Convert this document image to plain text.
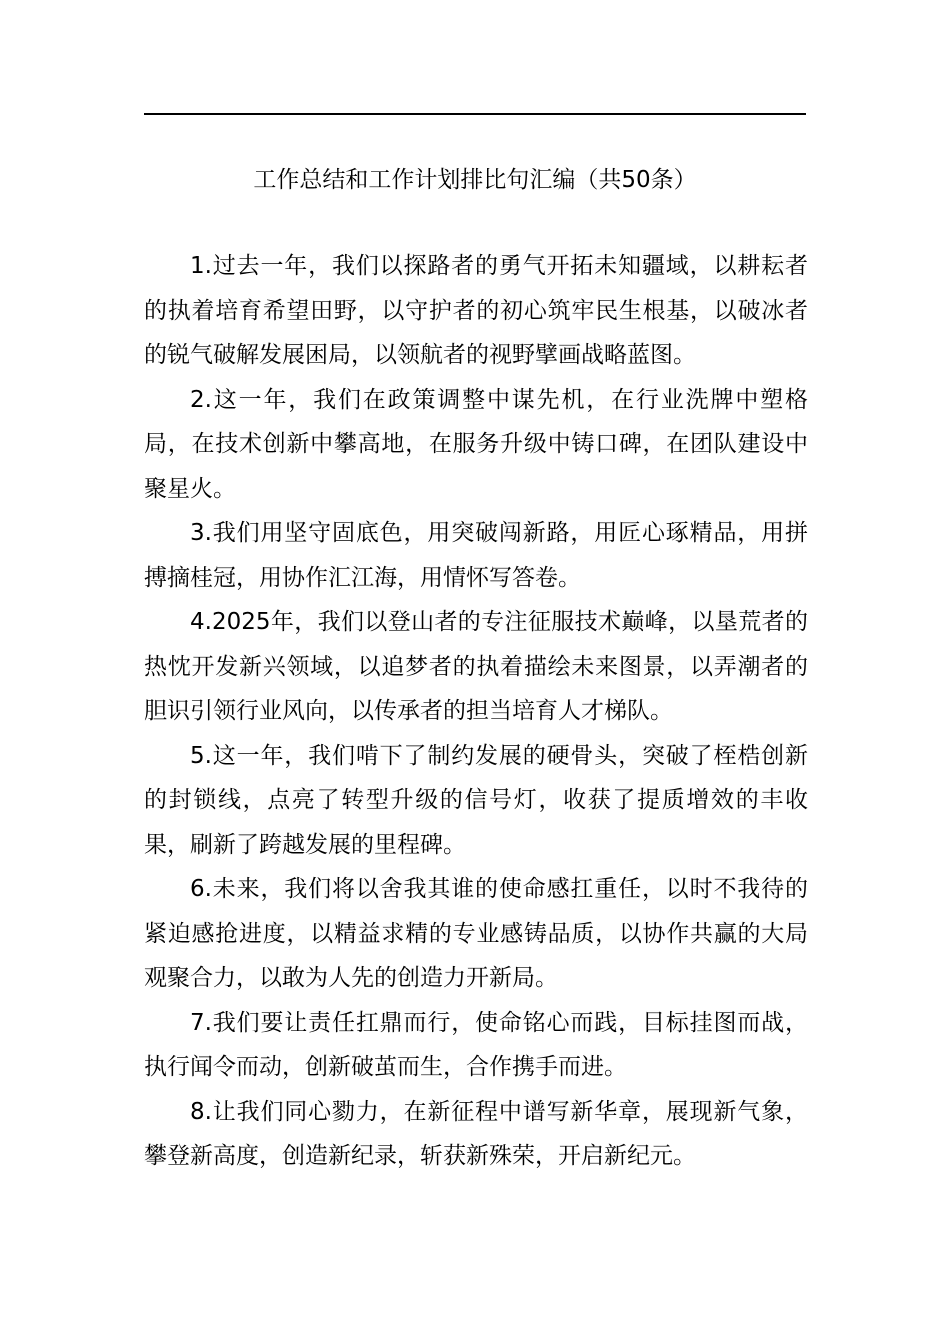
工作总结和工作计划排比句汇编（共50条）

1.过去一年，我们以探路者的勇气开拓未知疆域，以耕耘者的执着培育希望田野，以守护者的初心筑牢民生根基，以破冰者的锐气破解发展困局，以领航者的视野擘画战略蓝图。

2.这一年，我们在政策调整中谋先机，在行业洗牌中塑格局，在技术创新中攀高地，在服务升级中铸口碑，在团队建设中聚星火。

3.我们用坚守固底色，用突破闯新路，用匠心琢精品，用拼搏摘桂冠，用协作汇江海，用情怀写答卷。

4.2025年，我们以登山者的专注征服技术巅峰，以垦荒者的热忱开发新兴领域，以追梦者的执着描绘未来图景，以弄潮者的胆识引领行业风向，以传承者的担当培育人才梯队。

5.这一年，我们啃下了制约发展的硬骨头，突破了桎梏创新的封锁线，点亮了转型升级的信号灯，收获了提质增效的丰收果，刷新了跨越发展的里程碑。

6.未来，我们将以舍我其谁的使命感扛重任，以时不我待的紧迫感抢进度，以精益求精的专业感铸品质，以协作共赢的大局观聚合力，以敢为人先的创造力开新局。

7.我们要让责任扛鼎而行，使命铭心而践，目标挂图而战，执行闻令而动，创新破茧而生，合作携手而进。

8.让我们同心勠力，在新征程中谱写新华章，展现新气象，攀登新高度，创造新纪录，斩获新殊荣，开启新纪元。
